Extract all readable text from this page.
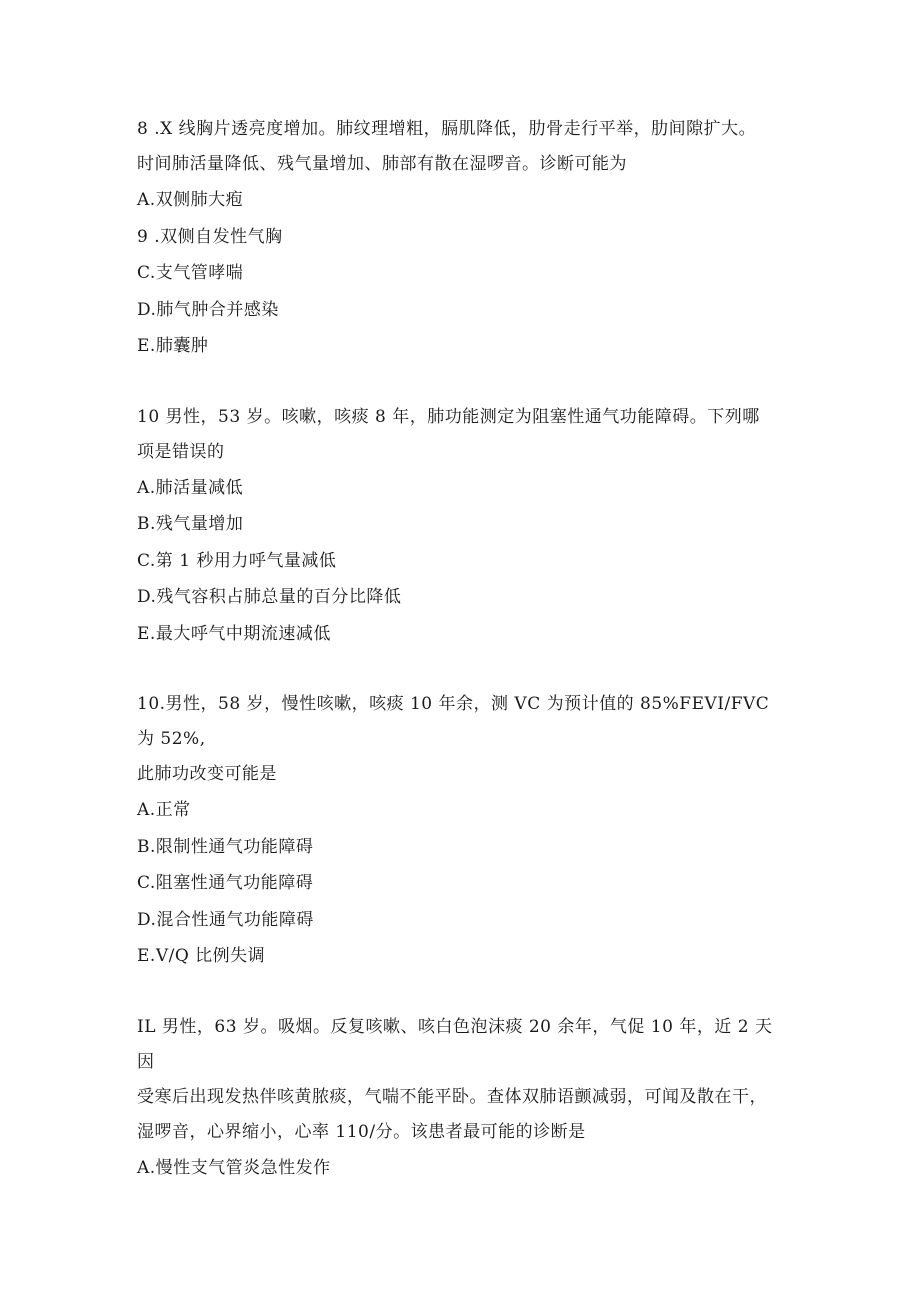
8 .X 线胸片透亮度增加。肺纹理增粗，膈肌降低，肋骨走行平举，肋间隙扩大。

时间肺活量降低、残气量增加、肺部有散在湿啰音。诊断可能为

A.双侧肺大疱

9 .双侧自发性气胸

C.支气管哮喘

D.肺气肿合并感染

E.肺囊肿

10 男性，53 岁。咳嗽，咳痰 8 年，肺功能测定为阻塞性通气功能障碍。下列哪

项是错误的

A.肺活量减低

B.残气量增加

C.第 1 秒用力呼气量减低

D.残气容积占肺总量的百分比降低

E.最大呼气中期流速减低

10.男性，58 岁，慢性咳嗽，咳痰 10 年余，测 VC 为预计值的 85%FEVI/FVC 为 52%,

此肺功改变可能是

A.正常

B.限制性通气功能障碍

C.阻塞性通气功能障碍

D.混合性通气功能障碍

E.V/Q 比例失调

IL 男性，63 岁。吸烟。反复咳嗽、咳白色泡沫痰 20 余年，气促 10 年，近 2 天因

受寒后出现发热伴咳黄脓痰，气喘不能平卧。查体双肺语颤减弱，可闻及散在干，

湿啰音，心界缩小，心率 110/分。该患者最可能的诊断是

A.慢性支气管炎急性发作
